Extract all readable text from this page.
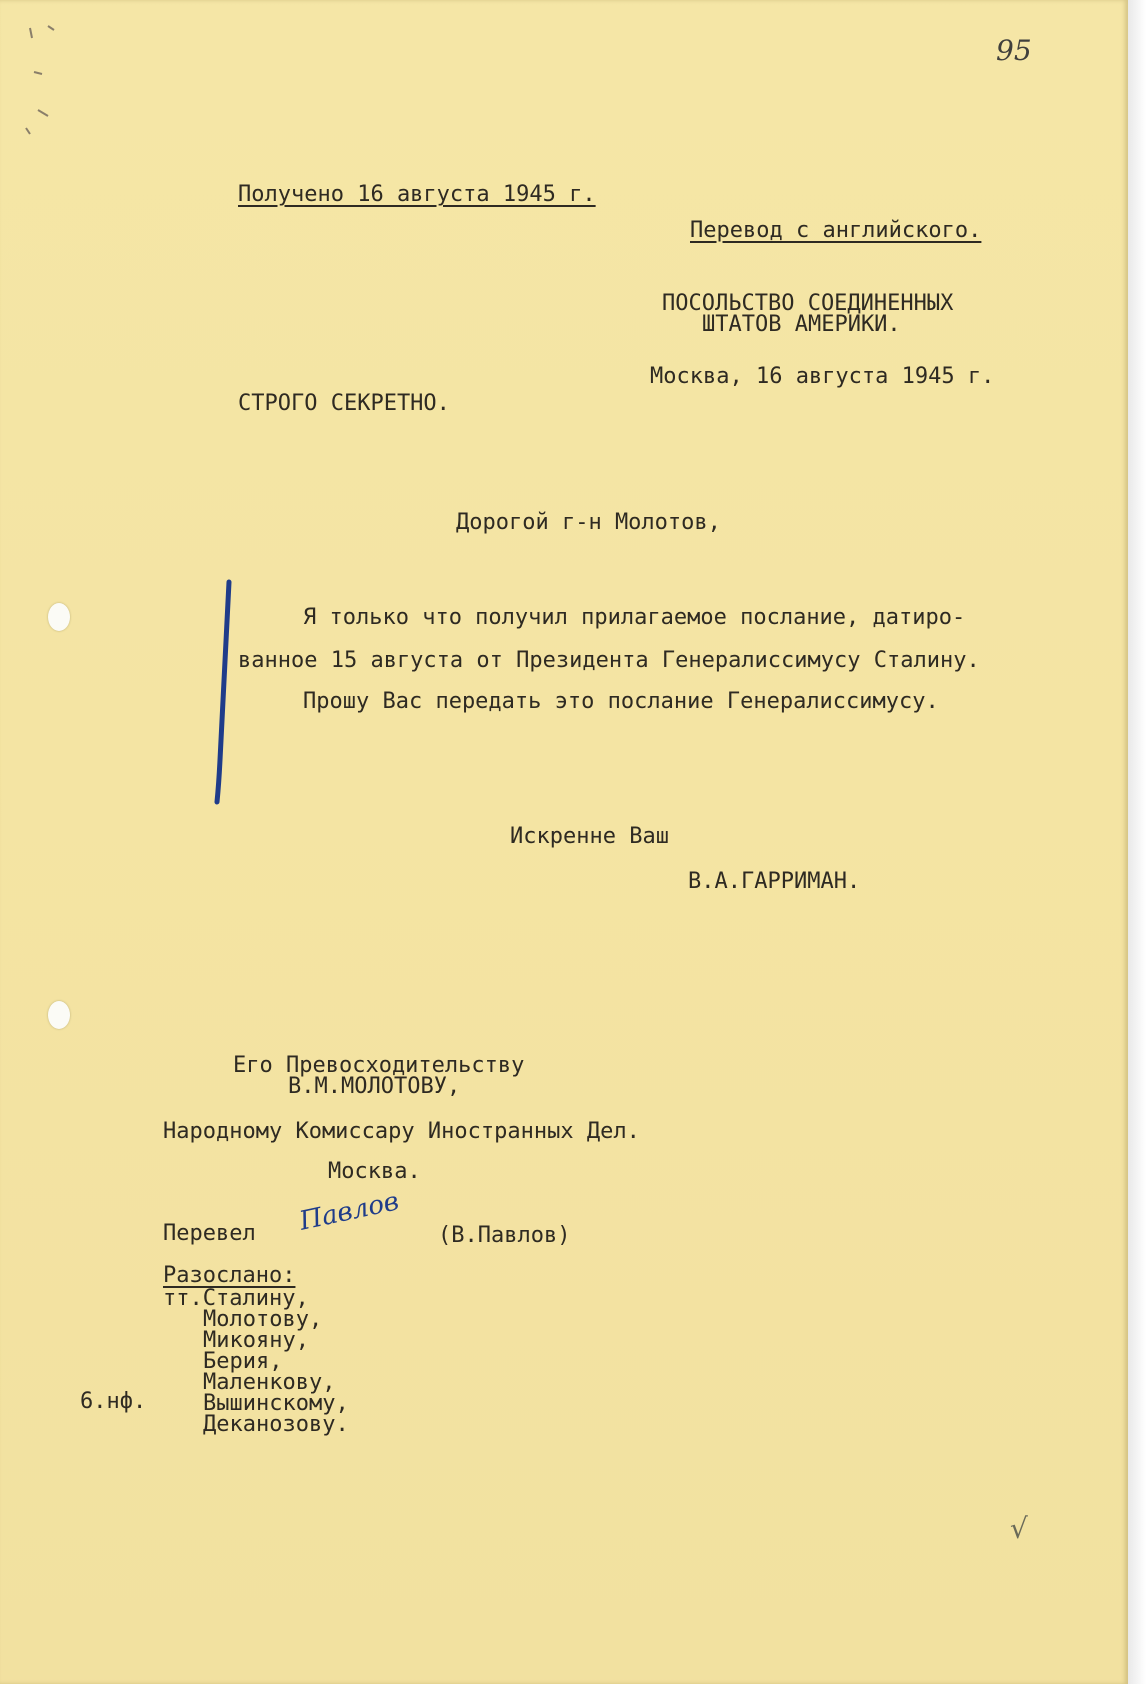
95
Получено 16 августа 1945 г.
Перевод с английского.
ПОСОЛЬСТВО СОЕДИНЕННЫХ
ШТАТОВ АМЕРИКИ.
Москва, 16 августа 1945 г.
СТРОГО СЕКРЕТНО.
Дорогой г-н Молотов,
Я только что получил прилагаемое послание, датиро-
ванное 15 августа от Президента Генералиссимусу Сталину.
Прошу Вас передать это послание Генералиссимусу.
Искренне Ваш
В.А.ГАРРИМАН.
Его Превосходительству
В.М.МОЛОТОВУ,
Народному Комиссару Иностранных Дел.
Москва.
Перевел Павлов (В.Павлов)
Разослано:
тт.Сталину,
Молотову,
Микояну,
Берия,
Маленкову,
Вышинскому,
Деканозову.
6.нф.
√
